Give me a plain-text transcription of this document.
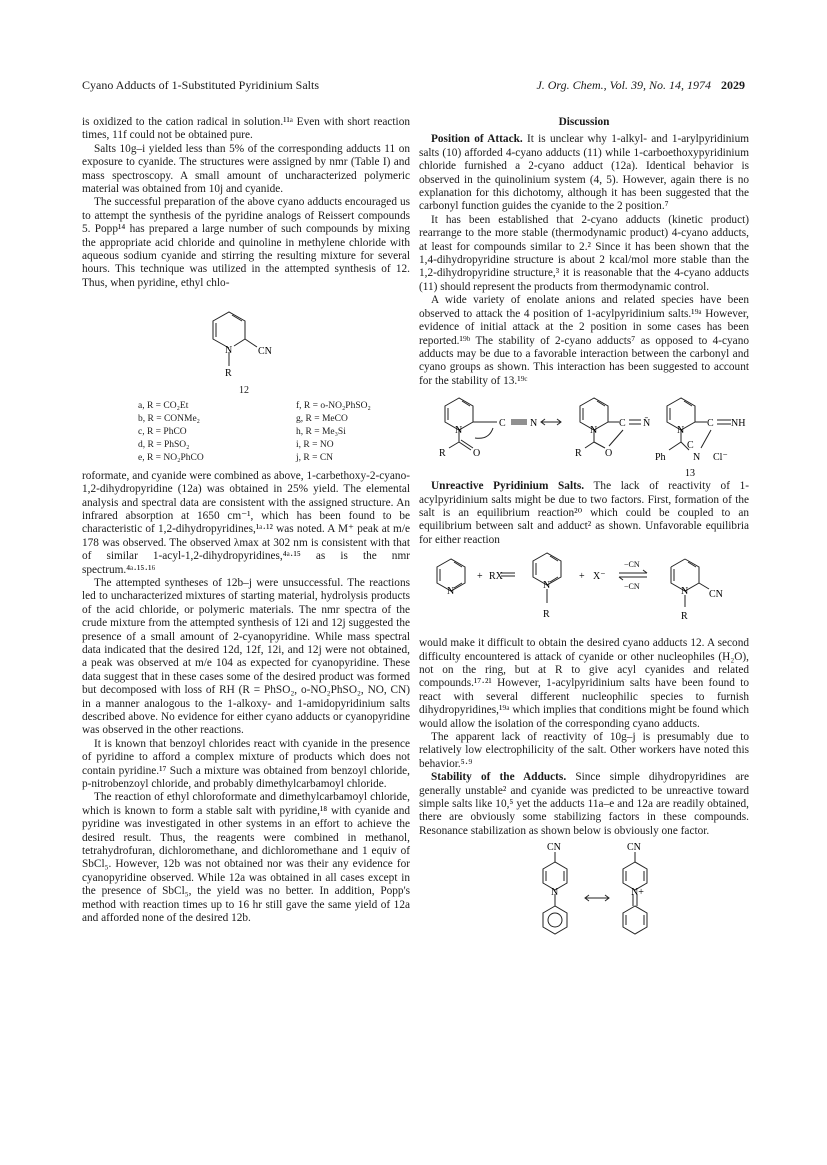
Cyano Adducts of 1-Substituted Pyridinium Salts	J. Org. Chem., Vol. 39, No. 14, 1974 2029

is oxidized to the cation radical in solution.¹¹ᵃ Even with short reaction times, 11f could not be obtained pure.

Salts 10g–i yielded less than 5% of the corresponding adducts 11 on exposure to cyanide. The structures were assigned by nmr (Table I) and mass spectroscopy. A small amount of uncharacterized polymeric material was obtained from 10j and cyanide.

The successful preparation of the above cyano adducts encouraged us to attempt the synthesis of the pyridine analogs of Reissert compounds 5. Popp¹⁴ has prepared a large number of such compounds by mixing the appropriate acid chloride and quinoline in methylene chloride with aqueous sodium cyanide and stirring the resulting mixture for several hours. This technique was utilized in the attempted synthesis of 12. Thus, when pyridine, ethyl chlo-

N	CN
R
12
a, R = CO₂Et	f, R = o-NO₂PhSO₂
b, R = CONMe₂	g, R = MeCO
c, R = PhCO	h, R = Me₃Si
d, R = PhSO₂	i, R = NO
e, R = NO₂PhCO	j, R = CN

roformate, and cyanide were combined as above, 1-carbethoxy-2-cyano-1,2-dihydropyridine (12a) was obtained in 25% yield. The elemental analysis and spectral data are consistent with the assigned structure. An infrared absorption at 1650 cm⁻¹, which has been found to be characteristic of 1,2-dihydropyridines,¹ᵃ·¹² was noted. A M⁺ peak at m/e 178 was observed. The observed λmax at 302 nm is consistent with that of similar 1-acyl-1,2-dihydropyridines,⁴ᵃ·¹⁵ as is the nmr spectrum.⁴ᵃ·¹⁵·¹⁶

The attempted syntheses of 12b–j were unsuccessful. The reactions led to uncharacterized mixtures of starting material, hydrolysis products of the acid chloride, or polymeric materials. The nmr spectra of the crude mixture from the attempted synthesis of 12i and 12j suggested the presence of a small amount of 2-cyanopyridine. While mass spectral data indicated that the desired 12d, 12f, 12i, and 12j were not obtained, a peak was observed at m/e 104 as expected for cyanopyridine. These data suggest that in these cases some of the desired product was formed but decomposed with loss of RH (R = PhSO₂, o-NO₂PhSO₂, NO, CN) in a manner analogous to the 1-alkoxy- and 1-amidopyridinium salts described above. No evidence for either cyano adducts or cyanopyridine was observed in the other reactions.

It is known that benzoyl chlorides react with cyanide in the presence of pyridine to afford a complex mixture of products which does not contain pyridine.¹⁷ Such a mixture was obtained from benzoyl chloride, p-nitrobenzoyl chloride, and probably dimethylcarbamoyl chloride.

The reaction of ethyl chloroformate and dimethylcarbamoyl chloride, which is known to form a stable salt with pyridine,¹⁸ with cyanide and pyridine was investigated in other systems in an effort to achieve the desired result. Thus, the reagents were combined in methanol, tetrahydrofuran, dichloromethane, and dichloromethane and 1 equiv of SbCl₅. However, 12b was not obtained nor was their any evidence for cyanopyridine observed. While 12a was obtained in all cases except in the presence of SbCl₅, the yield was no better. In addition, Popp's method with reaction times up to 16 hr still gave the same yield of 12a and afforded none of the desired 12b.

Discussion

Position of Attack. It is unclear why 1-alkyl- and 1-arylpyridinium salts (10) afforded 4-cyano adducts (11) while 1-carboethoxypyridinium chloride furnished a 2-cyano adduct (12a). Identical behavior is observed in the quinolinium system (4, 5). However, again there is no explanation for this dichotomy, although it has been suggested that the carbonyl function guides the cyanide to the 2 position.⁷

It has been established that 2-cyano adducts (kinetic product) rearrange to the more stable (thermodynamic product) 4-cyano adducts, at least for compounds similar to 2.² Since it has been shown that the 1,4-dihydropyridine structure is about 2 kcal/mol more stable than the 1,2-dihydropyridine structure,³ it is reasonable that the 4-cyano adducts (11) should represent the products from thermodynamic control.

A wide variety of enolate anions and related species have been observed to attack the 4 position of 1-acylpyridinium salts.¹⁹ᵃ However, evidence of initial attack at the 2 position in some cases has been reported.¹⁹ᵇ The stability of 2-cyano adducts⁷ as opposed to 4-cyano adducts may be due to a favorable interaction between the carbonyl and cyano groups as shown. This interaction has been suggested to account for the stability of 13.¹⁹ᶜ

N
C N
R	O
N
C N̄
R O
N
C NH
C
Ph	N Cl⁻
13

Unreactive Pyridinium Salts. The lack of reactivity of 1-acylpyridinium salts might be due to two factors. First, formation of the salt is an equilibrium reaction²⁰ which could be coupled to an equilibrium between salt and adduct² as shown. Unfavorable equilibria for either reaction

N
+ RX
N
R
+ X⁻
−CN
−CN	N CN
R

would make it difficult to obtain the desired cyano adducts 12. A second difficulty encountered is attack of cyanide or other nucleophiles (H₂O), not on the ring, but at R to give acyl cyanides and related compounds.¹⁷·²¹ However, 1-acylpyridinium salts have been found to react with several different nucleophilic species to furnish dihydropyridines,¹⁹ᵃ which implies that conditions might be found which would allow the isolation of the corresponding cyano adducts.

The apparent lack of reactivity of 10g–j is presumably due to relatively low electrophilicity of the salt. Other workers have noted this behavior.⁵·⁹

Stability of the Adducts. Since simple dihydropyridines are generally unstable² and cyanide was predicted to be unreactive toward simple salts like 10,⁵ yet the adducts 11a–e and 12a are readily obtained, there are obviously some stabilizing factors in these compounds. Resonance stabilization as shown below is obviously one factor.

CN	CN
N	N+
